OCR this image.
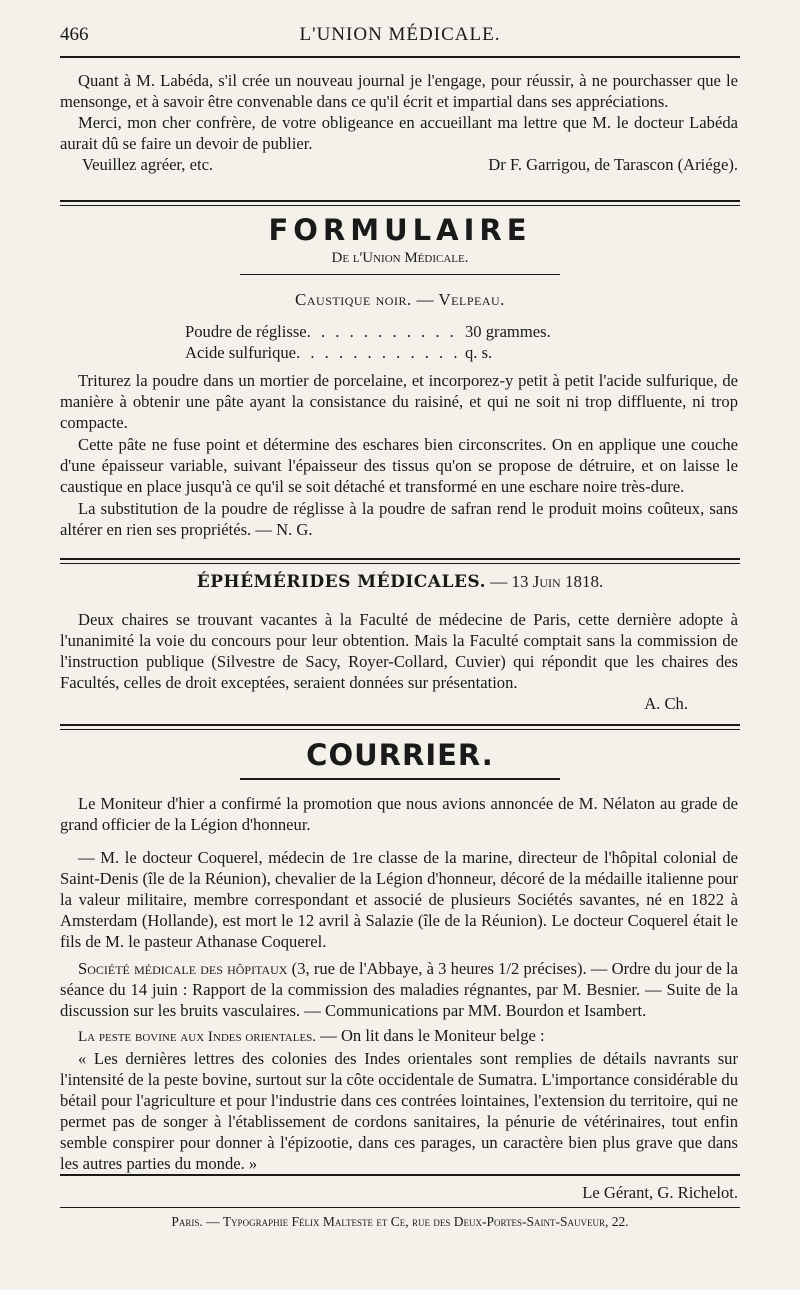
466	L'UNION MÉDICALE.

Quant à M. Labéda, s'il crée un nouveau journal je l'engage, pour réussir, à ne pourchasser que le mensonge, et à savoir être convenable dans ce qu'il écrit et impartial dans ses appréciations.

Merci, mon cher confrère, de votre obligeance en accueillant ma lettre que M. le docteur Labéda aurait dû se faire un devoir de publier.

Veuillez agréer, etc.	Dr F. Garrigou, de Tarascon (Ariége).
FORMULAIRE
De l'Union Médicale.
Caustique noir. — Velpeau.
Poudre de réglisse. . . . . . . . . . . 30 grammes.
Acide sulfurique. . . . . . . . . . . . q. s.

Triturez la poudre dans un mortier de porcelaine, et incorporez-y petit à petit l'acide sulfurique, de manière à obtenir une pâte ayant la consistance du raisiné, et qui ne soit ni trop diffluente, ni trop compacte.

Cette pâte ne fuse point et détermine des eschares bien circonscrites. On en applique une couche d'une épaisseur variable, suivant l'épaisseur des tissus qu'on se propose de détruire, et on laisse le caustique en place jusqu'à ce qu'il se soit détaché et transformé en une eschare noire très-dure.

La substitution de la poudre de réglisse à la poudre de safran rend le produit moins coûteux, sans altérer en rien ses propriétés. — N. G.

ÉPHÉMÉRIDES MÉDICALES. — 13 Juin 1818.

Deux chaires se trouvant vacantes à la Faculté de médecine de Paris, cette dernière adopte à l'unanimité la voie du concours pour leur obtention. Mais la Faculté comptait sans la commission de l'instruction publique (Silvestre de Sacy, Royer-Collard, Cuvier) qui répondit que les chaires des Facultés, celles de droit exceptées, seraient données sur présentation.

A. Ch.

COURRIER.

Le Moniteur d'hier a confirmé la promotion que nous avions annoncée de M. Nélaton au grade de grand officier de la Légion d'honneur.

— M. le docteur Coquerel, médecin de 1re classe de la marine, directeur de l'hôpital colonial de Saint-Denis (île de la Réunion), chevalier de la Légion d'honneur, décoré de la médaille italienne pour la valeur militaire, membre correspondant et associé de plusieurs Sociétés savantes, né en 1822 à Amsterdam (Hollande), est mort le 12 avril à Salazie (île de la Réunion). Le docteur Coquerel était le fils de M. le pasteur Athanase Coquerel.

Société médicale des hôpitaux (3, rue de l'Abbaye, à 3 heures 1/2 précises). — Ordre du jour de la séance du 14 juin : Rapport de la commission des maladies régnantes, par M. Besnier. — Suite de la discussion sur les bruits vasculaires. — Communications par MM. Bourdon et Isambert.

La peste bovine aux Indes orientales. — On lit dans le Moniteur belge :

« Les dernières lettres des colonies des Indes orientales sont remplies de détails navrants sur l'intensité de la peste bovine, surtout sur la côte occidentale de Sumatra. L'importance considérable du bétail pour l'agriculture et pour l'industrie dans ces contrées lointaines, l'extension du territoire, qui ne permet pas de songer à l'établissement de cordons sanitaires, la pénurie de vétérinaires, tout enfin semble conspirer pour donner à l'épizootie, dans ces parages, un caractère bien plus grave que dans les autres parties du monde. »

Le Gérant, G. Richelot.
Paris. — Typographie Félix Malteste et Ce, rue des Deux-Portes-Saint-Sauveur, 22.
